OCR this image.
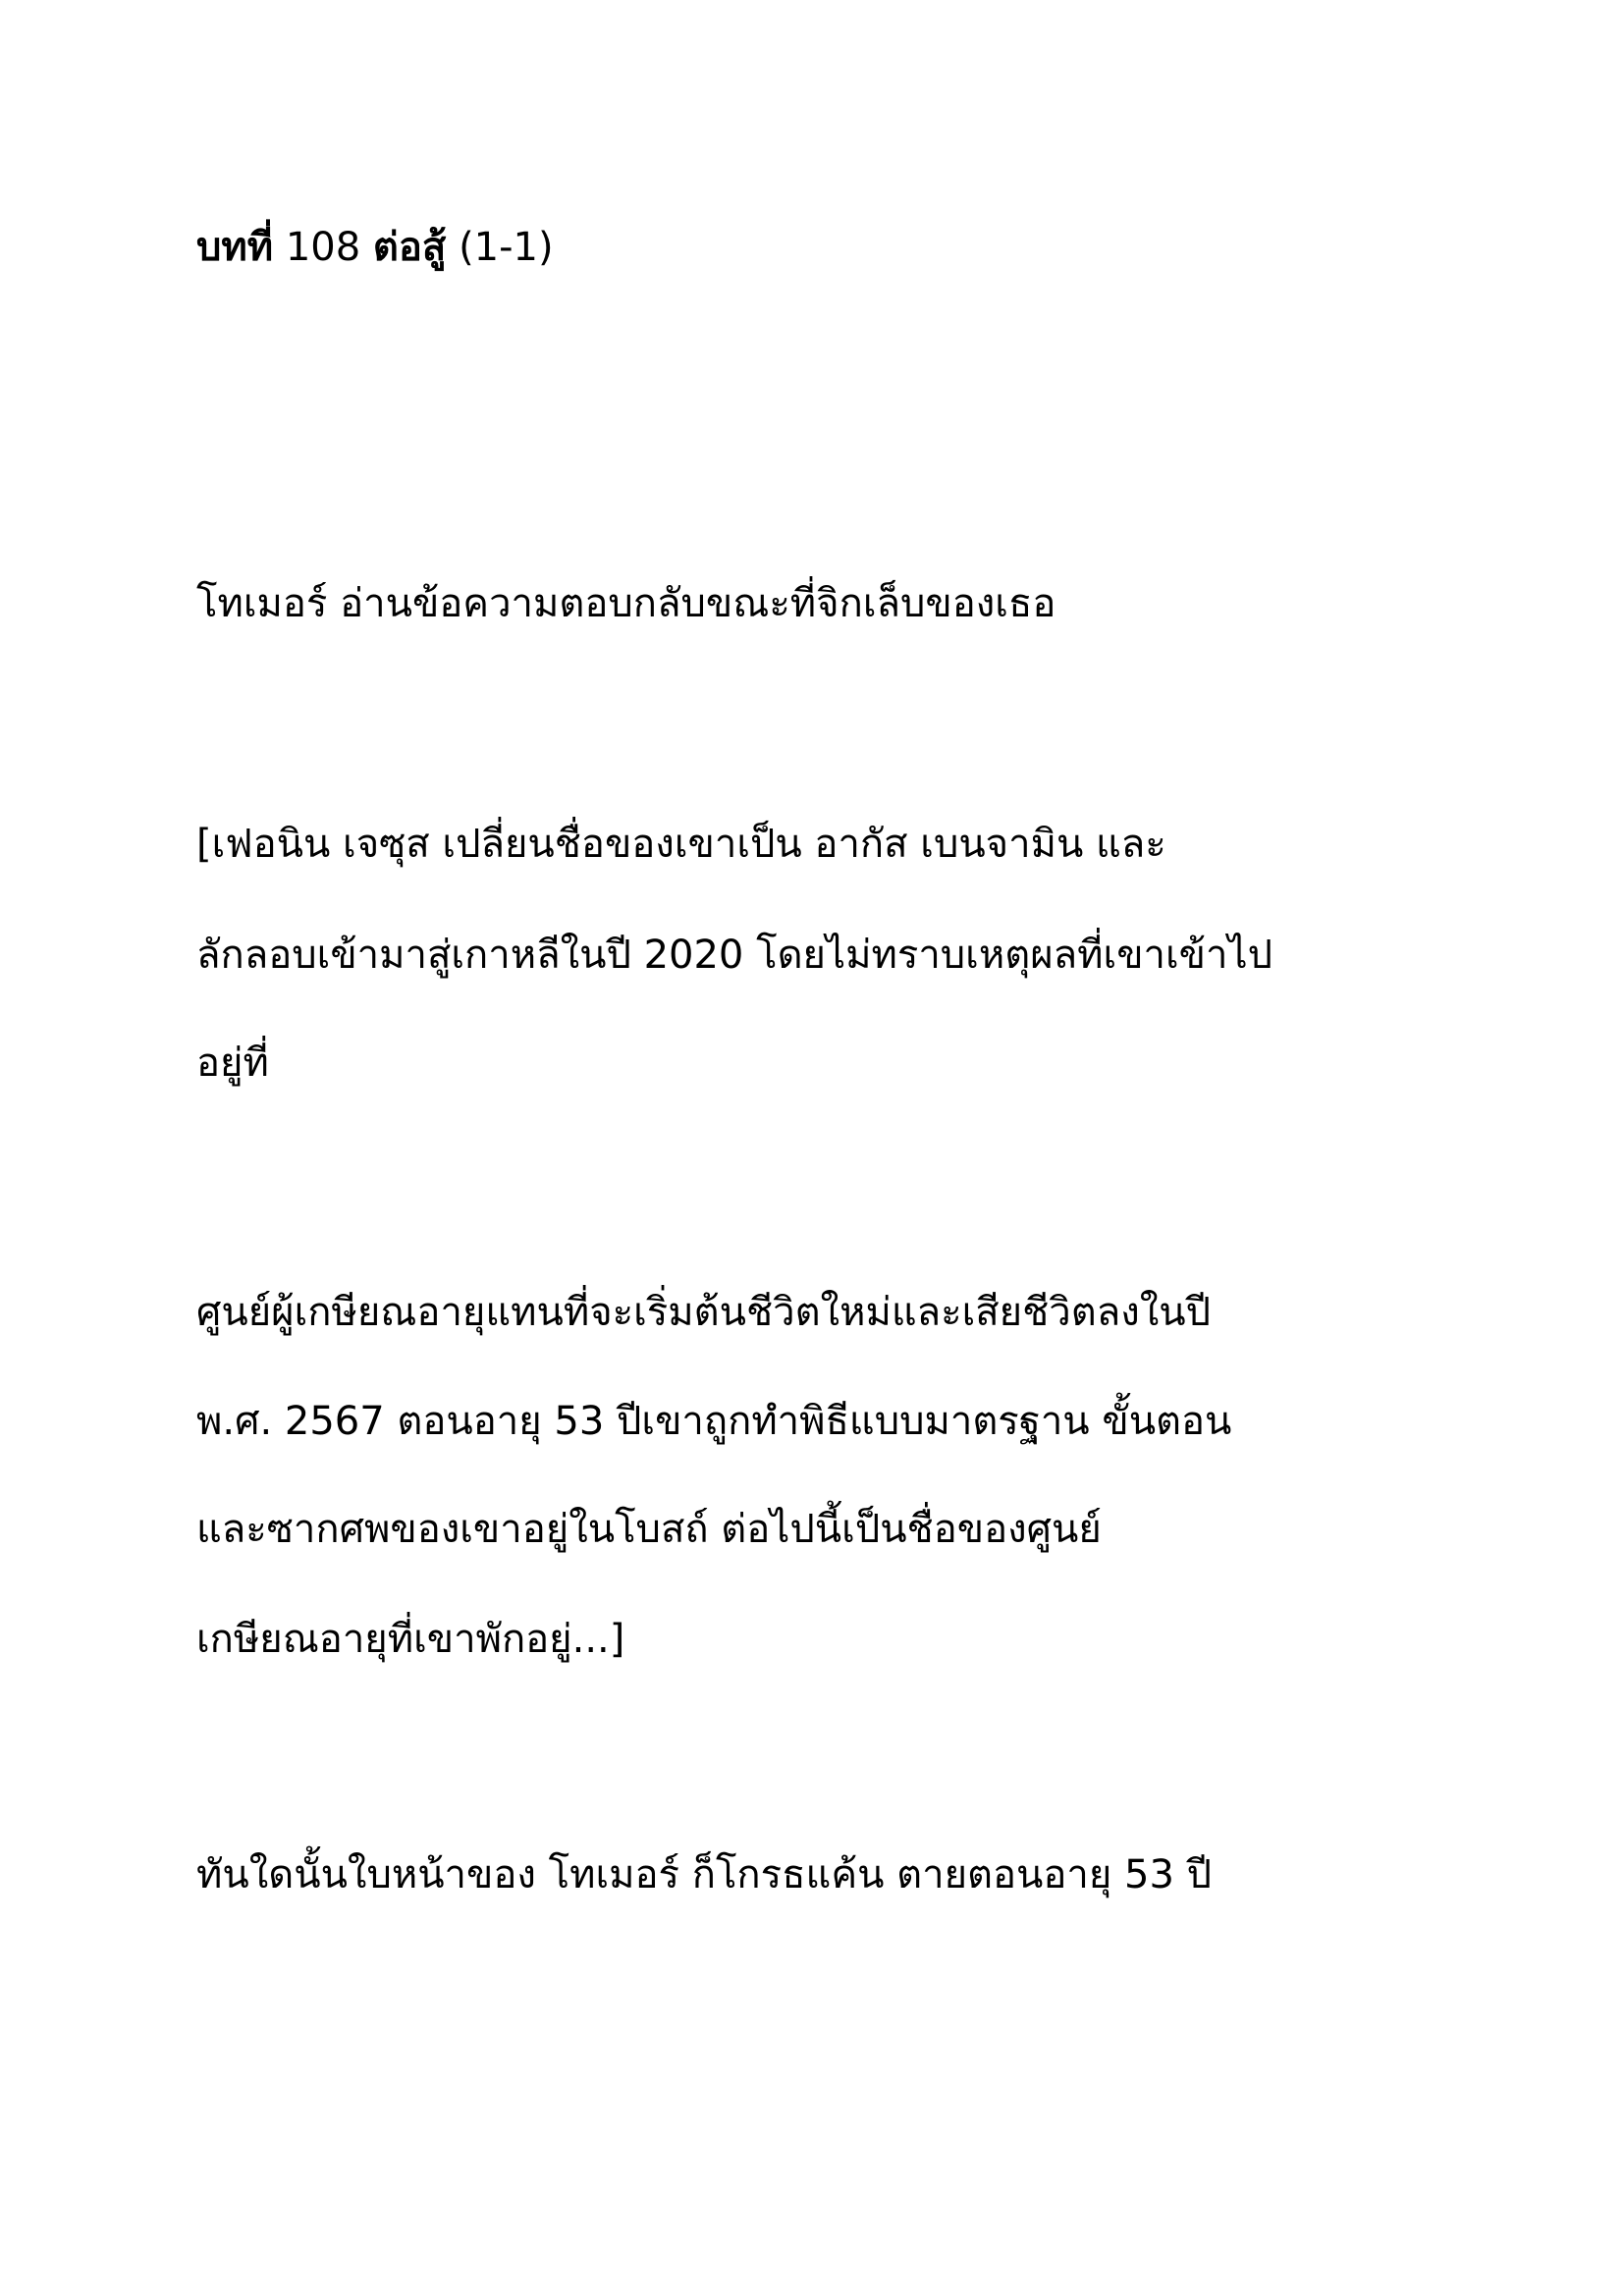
บทที่ 108 ต่อสู้ (1-1)

โทเมอร์ อ่านข้อความตอบกลับขณะที่จิกเล็บของเธอ

[เฟอนิน เจซุส เปลี่ยนชื่อของเขาเป็น อากัส เบนจามิน และ

ลักลอบเข้ามาสู่เกาหลีในปี 2020 โดยไม่ทราบเหตุผลที่เขาเข้าไป

อยู่ที่

ศูนย์ผู้เกษียณอายุแทนที่จะเริ่มต้นชีวิตใหม่และเสียชีวิตลงในปี

พ.ศ. 2567 ตอนอายุ 53 ปีเขาถูกทำพิธีแบบมาตรฐาน ขั้นตอน

และซากศพของเขาอยู่ในโบสถ์ ต่อไปนี้เป็นชื่อของศูนย์

เกษียณอายุที่เขาพักอยู่...]

ทันใดนั้นใบหน้าของ โทเมอร์ ก็โกรธแค้น ตายตอนอายุ 53 ปี
